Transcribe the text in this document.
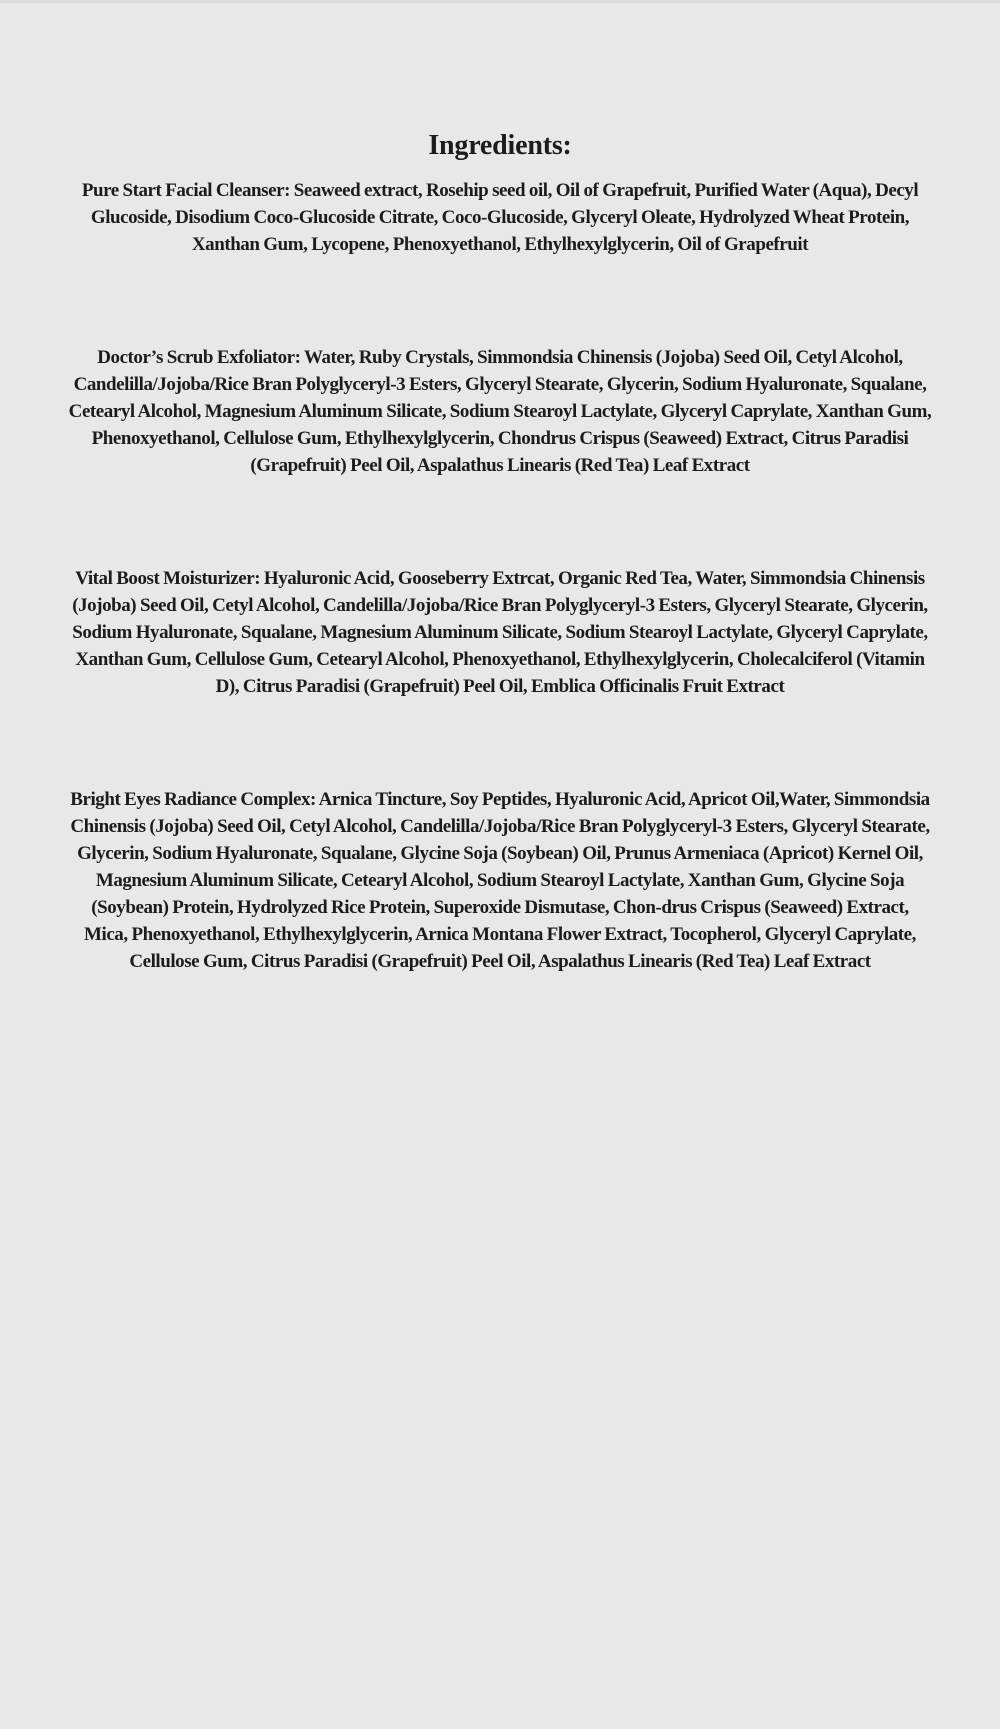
Ingredients:

Pure Start Facial Cleanser: Seaweed extract, Rosehip seed oil, Oil of Grapefruit, Purified Water (Aqua), Decyl Glucoside, Disodium Coco-Glucoside Citrate, Coco-Glucoside, Glyceryl Oleate, Hydrolyzed Wheat Protein, Xanthan Gum, Lycopene, Phenoxyethanol, Ethylhexylglycerin, Oil of Grapefruit

Doctor’s Scrub Exfoliator: Water, Ruby Crystals, Simmondsia Chinensis (Jojoba) Seed Oil, Cetyl Alcohol, Candelilla/Jojoba/Rice Bran Polyglyceryl-3 Esters, Glyceryl Stearate, Glycerin, Sodium Hyaluronate, Squalane, Cetearyl Alcohol, Magnesium Aluminum Silicate, Sodium Stearoyl Lactylate, Glyceryl Caprylate, Xanthan Gum, Phenoxyethanol, Cellulose Gum, Ethylhexylglycerin, Chondrus Crispus (Seaweed) Extract, Citrus Paradisi (Grapefruit) Peel Oil, Aspalathus Linearis (Red Tea) Leaf Extract

Vital Boost Moisturizer: Hyaluronic Acid, Gooseberry Extrcat, Organic Red Tea, Water, Simmondsia Chinensis (Jojoba) Seed Oil, Cetyl Alcohol, Candelilla/Jojoba/Rice Bran Polyglyceryl-3 Esters, Glyceryl Stearate, Glycerin, Sodium Hyaluronate, Squalane, Magnesium Aluminum Silicate, Sodium Stearoyl Lactylate, Glyceryl Caprylate, Xanthan Gum, Cellulose Gum, Cetearyl Alcohol, Phenoxyethanol, Ethylhexylglycerin, Cholecalciferol (Vitamin D), Citrus Paradisi (Grapefruit) Peel Oil, Emblica Officinalis Fruit Extract

Bright Eyes Radiance Complex: Arnica Tincture, Soy Peptides, Hyaluronic Acid, Apricot Oil,Water, Simmondsia Chinensis (Jojoba) Seed Oil, Cetyl Alcohol, Candelilla/Jojoba/Rice Bran Polyglyceryl-3 Esters, Glyceryl Stearate, Glycerin, Sodium Hyaluronate, Squalane, Glycine Soja (Soybean) Oil, Prunus Armeniaca (Apricot) Kernel Oil, Magnesium Aluminum Silicate, Cetearyl Alcohol, Sodium Stearoyl Lactylate, Xanthan Gum, Glycine Soja (Soybean) Protein, Hydrolyzed Rice Protein, Superoxide Dismutase, Chon-drus Crispus (Seaweed) Extract, Mica, Phenoxyethanol, Ethylhexylglycerin, Arnica Montana Flower Extract, Tocopherol, Glyceryl Caprylate, Cellulose Gum, Citrus Paradisi (Grapefruit) Peel Oil, Aspalathus Linearis (Red Tea) Leaf Extract
